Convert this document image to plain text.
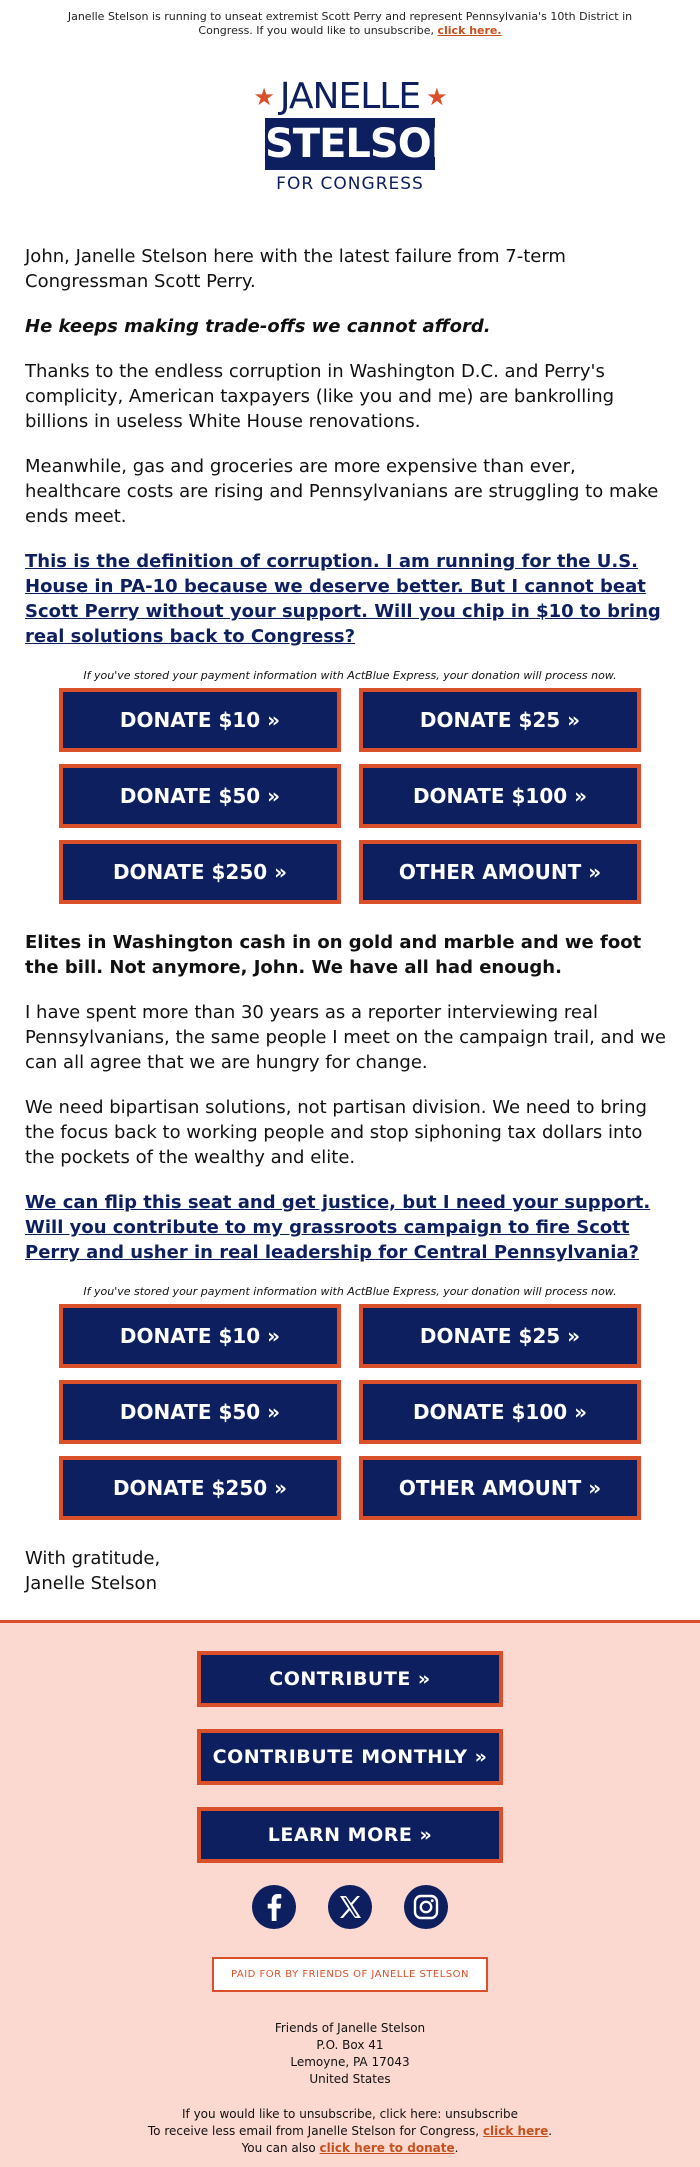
Janelle Stelson is running to unseat extremist Scott Perry and represent Pennsylvania's 10th District in Congress. If you would like to unsubscribe, click here.
★ JANELLE ★
STELSON
FOR CONGRESS

John, Janelle Stelson here with the latest failure from 7-term Congressman Scott Perry.

He keeps making trade-offs we cannot afford.

Thanks to the endless corruption in Washington D.C. and Perry's complicity, American taxpayers (like you and me) are bankrolling billions in useless White House renovations.

Meanwhile, gas and groceries are more expensive than ever, healthcare costs are rising and Pennsylvanians are struggling to make ends meet.

This is the definition of corruption. I am running for the U.S. House in PA-10 because we deserve better. But I cannot beat Scott Perry without your support. Will you chip in $10 to bring real solutions back to Congress?

If you've stored your payment information with ActBlue Express, your donation will process now.
DONATE $10 »	DONATE $25 »
DONATE $50 »	DONATE $100 »
DONATE $250 »	OTHER AMOUNT »

Elites in Washington cash in on gold and marble and we foot the bill. Not anymore, John. We have all had enough.

I have spent more than 30 years as a reporter interviewing real Pennsylvanians, the same people I meet on the campaign trail, and we can all agree that we are hungry for change.

We need bipartisan solutions, not partisan division. We need to bring the focus back to working people and stop siphoning tax dollars into the pockets of the wealthy and elite.

We can flip this seat and get justice, but I need your support. Will you contribute to my grassroots campaign to fire Scott Perry and usher in real leadership for Central Pennsylvania?

If you've stored your payment information with ActBlue Express, your donation will process now.
DONATE $10 »	DONATE $25 »
DONATE $50 »	DONATE $100 »
DONATE $250 »	OTHER AMOUNT »

With gratitude,
Janelle Stelson

CONTRIBUTE »
CONTRIBUTE MONTHLY »
LEARN MORE »
PAID FOR BY FRIENDS OF JANELLE STELSON
Friends of Janelle Stelson
P.O. Box 41
Lemoyne, PA 17043
United States
If you would like to unsubscribe, click here: unsubscribe
To receive less email from Janelle Stelson for Congress, click here.
You can also click here to donate.
